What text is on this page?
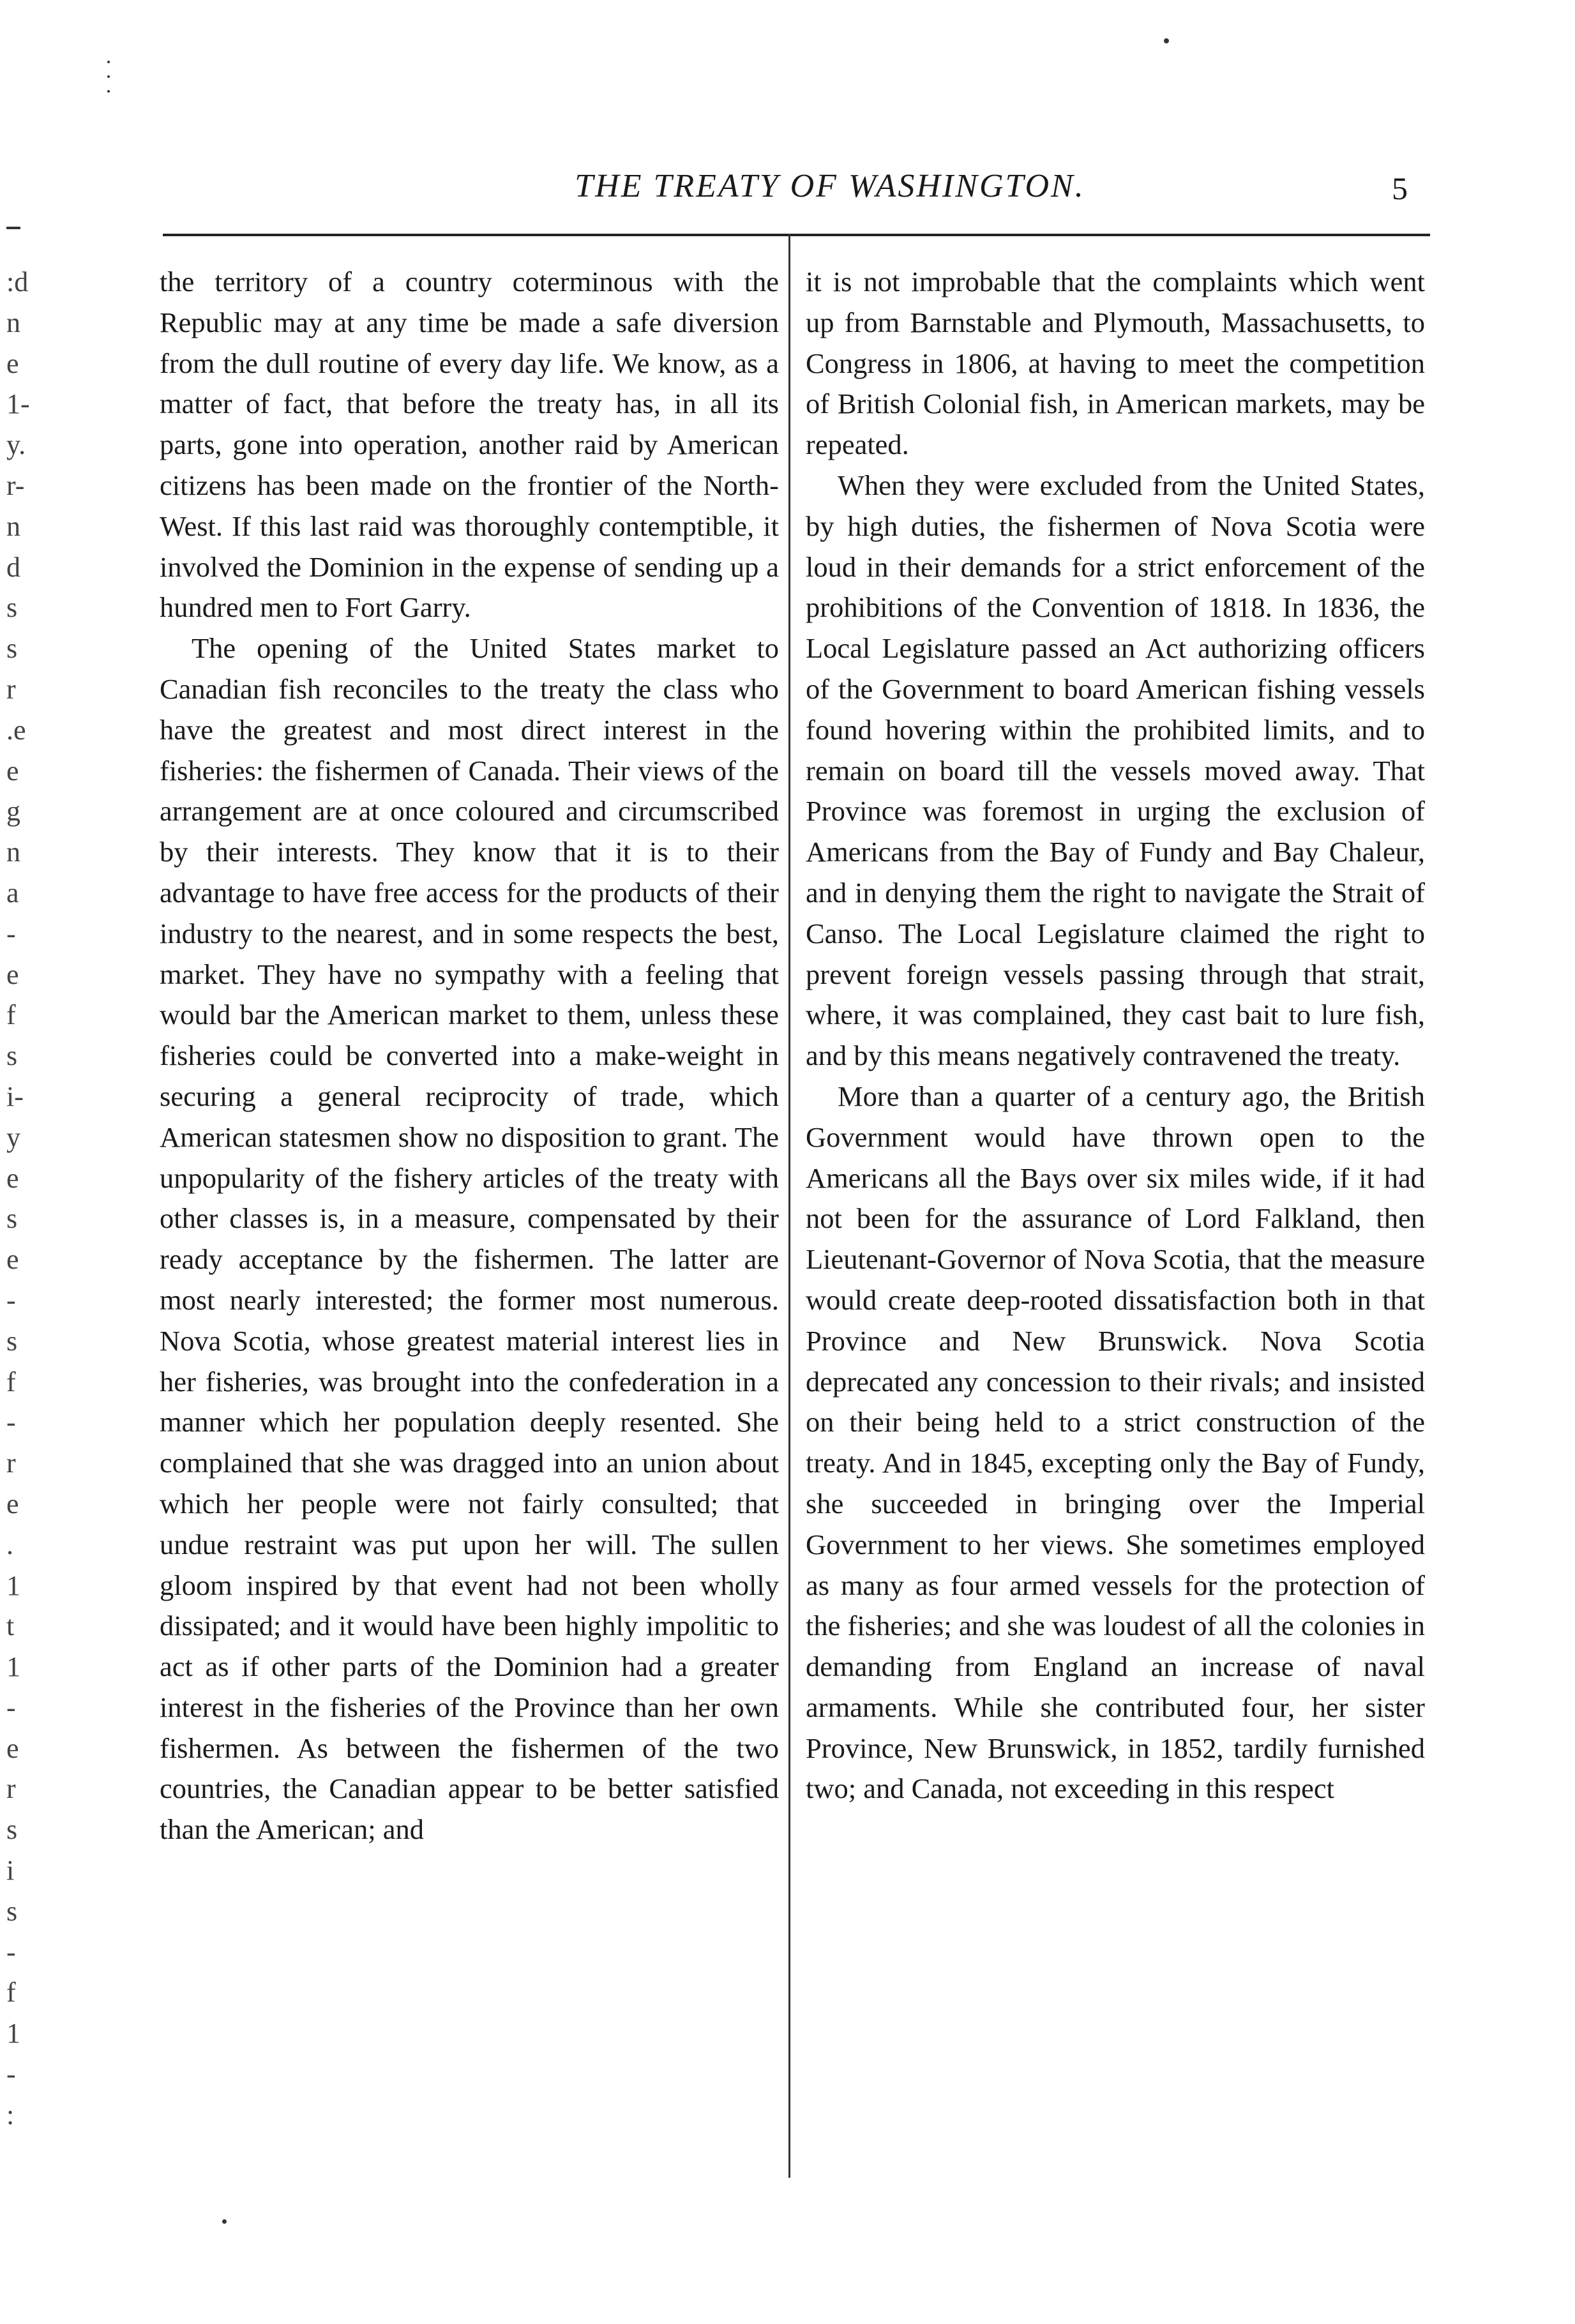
THE TREATY OF WASHINGTON.	5
:d
n
e
1-
y.
r-
n
d
s
s
r
.e
e
g
n
a
-
e
f
s
i-
y
e
s
e
-
s
f
-
r
e
.
1
t
1
-
e
r
s
i
s
-
f
1
-
:

the territory of a country coterminous with the Republic may at any time be made a safe diversion from the dull routine of every day life. We know, as a matter of fact, that before the treaty has, in all its parts, gone into operation, another raid by American citizens has been made on the frontier of the North-West. If this last raid was thoroughly contemptible, it involved the Dominion in the expense of sending up a hundred men to Fort Garry.

The opening of the United States market to Canadian fish reconciles to the treaty the class who have the greatest and most direct interest in the fisheries: the fishermen of Canada. Their views of the arrangement are at once coloured and circumscribed by their interests. They know that it is to their advantage to have free access for the products of their industry to the nearest, and in some respects the best, market. They have no sympathy with a feeling that would bar the American market to them, unless these fisheries could be converted into a make-weight in securing a general reciprocity of trade, which American statesmen show no disposition to grant. The unpopularity of the fishery articles of the treaty with other classes is, in a measure, compensated by their ready acceptance by the fishermen. The latter are most nearly interested; the former most numerous. Nova Scotia, whose greatest material interest lies in her fisheries, was brought into the confederation in a manner which her population deeply resented. She complained that she was dragged into an union about which her people were not fairly consulted; that undue restraint was put upon her will. The sullen gloom inspired by that event had not been wholly dissipated; and it would have been highly impolitic to act as if other parts of the Dominion had a greater interest in the fisheries of the Province than her own fishermen. As between the fishermen of the two countries, the Canadian appear to be better satisfied than the American; and

it is not improbable that the complaints which went up from Barnstable and Plymouth, Massachusetts, to Congress in 1806, at having to meet the competition of British Colonial fish, in American markets, may be repeated.

When they were excluded from the United States, by high duties, the fishermen of Nova Scotia were loud in their demands for a strict enforcement of the prohibitions of the Convention of 1818. In 1836, the Local Legislature passed an Act authorizing officers of the Government to board American fishing vessels found hovering within the prohibited limits, and to remain on board till the vessels moved away. That Province was foremost in urging the exclusion of Americans from the Bay of Fundy and Bay Chaleur, and in denying them the right to navigate the Strait of Canso. The Local Legislature claimed the right to prevent foreign vessels passing through that strait, where, it was complained, they cast bait to lure fish, and by this means negatively contravened the treaty.

More than a quarter of a century ago, the British Government would have thrown open to the Americans all the Bays over six miles wide, if it had not been for the assurance of Lord Falkland, then Lieutenant-Governor of Nova Scotia, that the measure would create deep-rooted dissatisfaction both in that Province and New Brunswick. Nova Scotia deprecated any concession to their rivals; and insisted on their being held to a strict construction of the treaty. And in 1845, excepting only the Bay of Fundy, she succeeded in bringing over the Imperial Government to her views. She sometimes employed as many as four armed vessels for the protection of the fisheries; and she was loudest of all the colonies in demanding from England an increase of naval armaments. While she contributed four, her sister Province, New Brunswick, in 1852, tardily furnished two; and Canada, not exceeding in this respect
